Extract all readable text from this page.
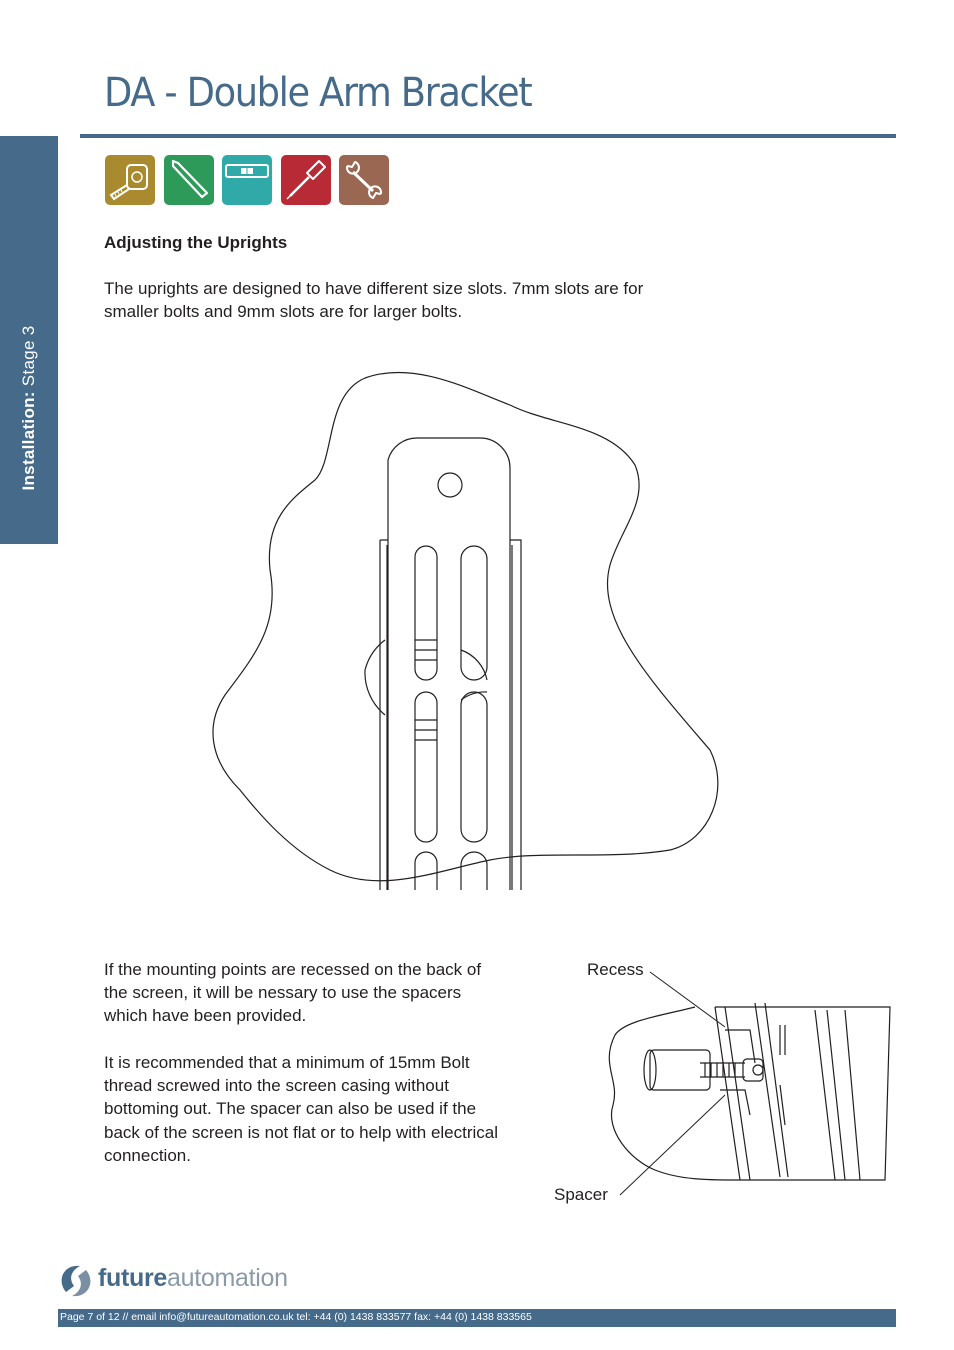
Installation: Stage 3
DA - Double Arm Bracket
Adjusting the Uprights
The uprights are designed to have different size slots. 7mm slots are for smaller bolts and 9mm slots are for larger bolts.
If the mounting points are recessed on the back of the screen, it will be nessary to use the spacers which have been provided.
It is recommended that a minimum of 15mm Bolt thread screwed into the screen casing without bottoming out. The spacer can also be used if the back of the screen is not flat or to help with electrical connection.
Recess
Spacer
futureautomation
Page 7 of 12 // email info@futureautomation.co.uk tel: +44 (0) 1438 833577 fax: +44 (0) 1438 833565
